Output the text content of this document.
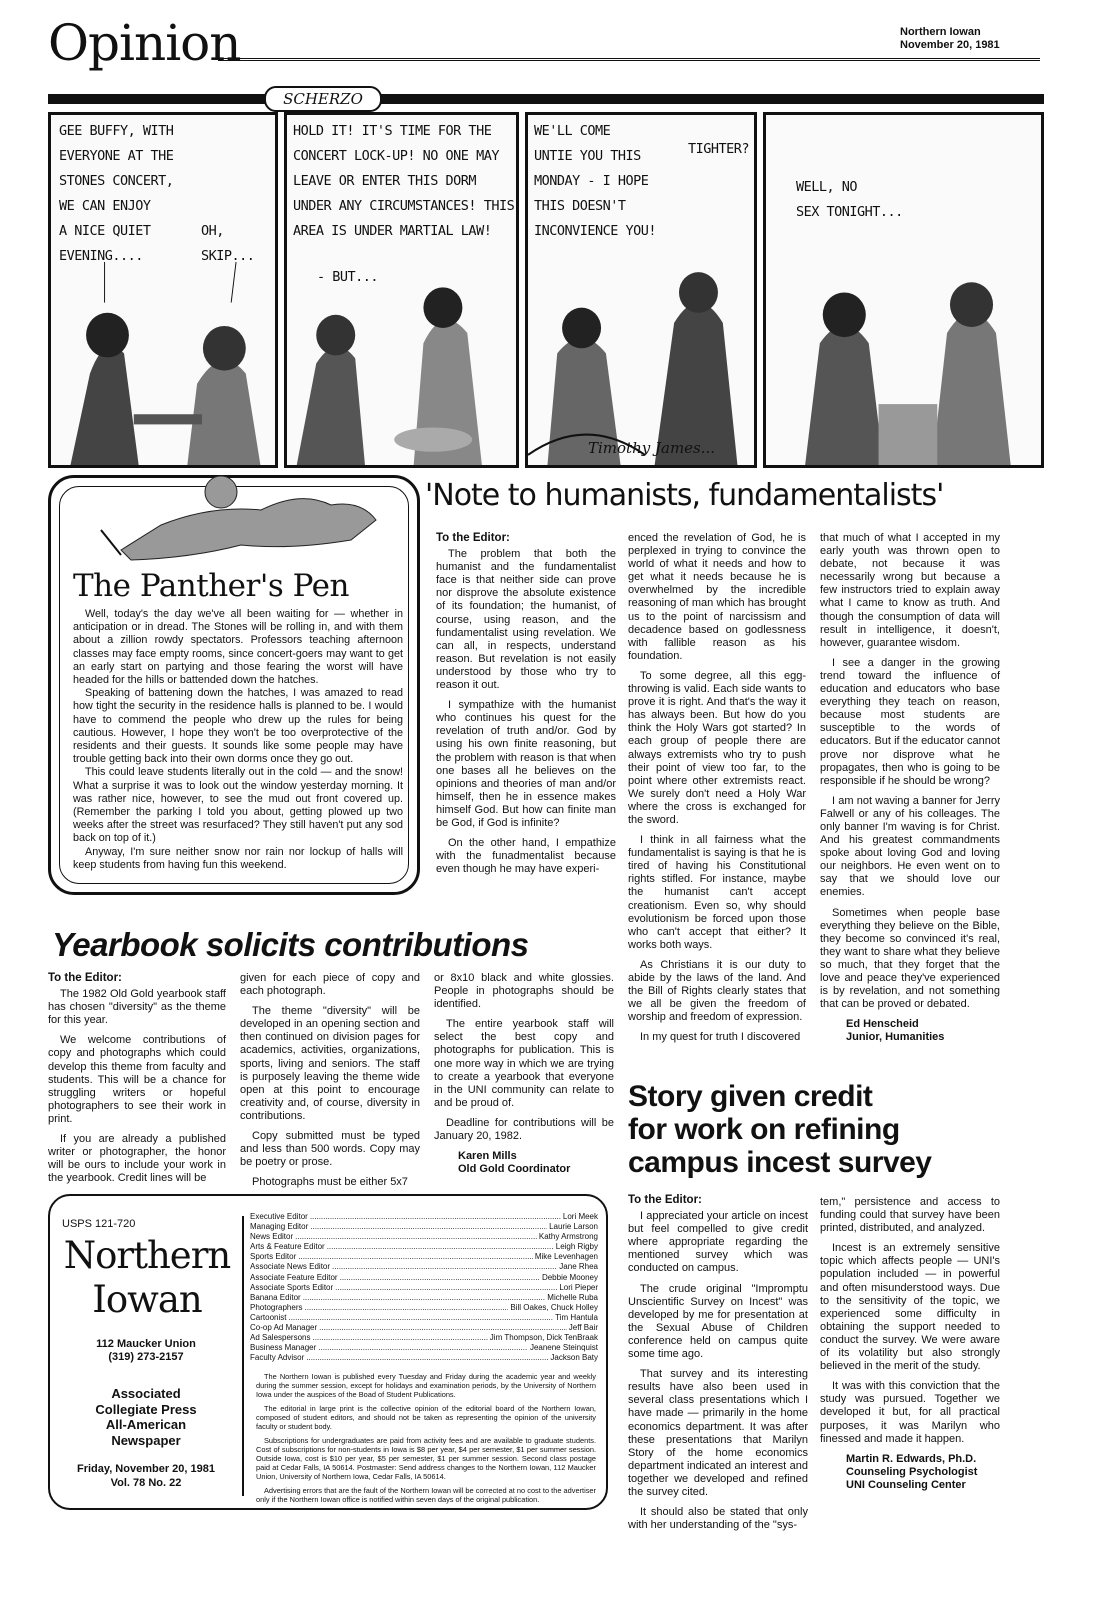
Opinion	Northern Iowan
November 20, 1981
SCHERZO
GEE BUFFY, WITH
EVERYONE AT THE
STONES CONCERT,
WE CAN ENJOY
A NICE QUIET
EVENING....
OH,
SKIP...
HOLD IT! IT'S TIME FOR THE
CONCERT LOCK-UP! NO ONE MAY
LEAVE OR ENTER THIS DORM
UNDER ANY CIRCUMSTANCES! THIS
AREA IS UNDER MARTIAL LAW!
- BUT...
WE'LL COME
UNTIE YOU THIS
MONDAY - I HOPE
THIS DOESN'T
INCONVIENCE YOU!
TIGHTER?
Timothy James...
WELL, NO
SEX TONIGHT...
The Panther's Pen

Well, today's the day we've all been waiting for — whether in anticipation or in dread. The Stones will be rolling in, and with them about a zillion rowdy spectators. Professors teaching afternoon classes may face empty rooms, since concert-goers may want to get an early start on partying and those fearing the worst will have headed for the hills or battended down the hatches.

Speaking of battening down the hatches, I was amazed to read how tight the security in the residence halls is planned to be. I would have to commend the people who drew up the rules for being cautious. However, I hope they won't be too overprotective of the residents and their guests. It sounds like some people may have trouble getting back into their own dorms once they go out.

This could leave students literally out in the cold — and the snow! What a surprise it was to look out the window yesterday morning. It was rather nice, however, to see the mud out front covered up. (Remember the parking I told you about, getting plowed up two weeks after the street was resurfaced? They still haven't put any sod back on top of it.)

Anyway, I'm sure neither snow nor rain nor lockup of halls will keep students from having fun this weekend.

'Note to humanists, fundamentalists'
To the Editor:

The problem that both the humanist and the fundamentalist face is that neither side can prove nor disprove the absolute existence of its foundation; the humanist, of course, using reason, and the fundamentalist using revelation. We can all, in respects, understand reason. But revelation is not easily understood by those who try to reason it out.

I sympathize with the humanist who continues his quest for the revelation of truth and/or. God by using his own finite reasoning, but the problem with reason is that when one bases all he believes on the opinions and theories of man and/or himself, then he in essence makes himself God. But how can finite man be God, if God is infinite?

On the other hand, I empathize with the funadmentalist because even though he may have experi-

enced the revelation of God, he is perplexed in trying to convince the world of what it needs and how to get what it needs because he is overwhelmed by the incredible reasoning of man which has brought us to the point of narcissism and decadence based on godlessness with fallible reason as his foundation.

To some degree, all this egg-throwing is valid. Each side wants to prove it is right. And that's the way it has always been. But how do you think the Holy Wars got started? In each group of people there are always extremists who try to push their point of view too far, to the point where other extremists react. We surely don't need a Holy War where the cross is exchanged for the sword.

I think in all fairness what the fundamentalist is saying is that he is tired of having his Constitutional rights stifled. For instance, maybe the humanist can't accept creationism. Even so, why should evolutionism be forced upon those who can't accept that either? It works both ways.

As Christians it is our duty to abide by the laws of the land. And the Bill of Rights clearly states that we all be given the freedom of worship and freedom of expression.

In my quest for truth I discovered

that much of what I accepted in my early youth was thrown open to debate, not because it was necessarily wrong but because a few instructors tried to explain away what I came to know as truth. And though the consumption of data will result in intelligence, it doesn't, however, guarantee wisdom.

I see a danger in the growing trend toward the influence of education and educators who base everything they teach on reason, because most students are susceptible to the words of educators. But if the educator cannot prove nor disprove what he propagates, then who is going to be responsible if he should be wrong?

I am not waving a banner for Jerry Falwell or any of his colleages. The only banner I'm waving is for Christ. And his greatest commandments spoke about loving God and loving our neighbors. He even went on to say that we should love our enemies.

Sometimes when people base everything they believe on the Bible, they become so convinced it's real, they want to share what they believe so much, that they forget that the love and peace they've experienced is by revelation, and not something that can be proved or debated.

Ed Henscheid
Junior, Humanities
Yearbook solicits contributions
To the Editor:

The 1982 Old Gold yearbook staff has chosen "diversity" as the theme for this year.

We welcome contributions of copy and photographs which could develop this theme from faculty and students. This will be a chance for struggling writers or hopeful photographers to see their work in print.

If you are already a published writer or photographer, the honor will be ours to include your work in the yearbook. Credit lines will be

given for each piece of copy and each photograph.

The theme "diversity" will be developed in an opening section and then continued on division pages for academics, activities, organizations, sports, living and seniors. The staff is purposely leaving the theme wide open at this point to encourage creativity and, of course, diversity in contributions.

Copy submitted must be typed and less than 500 words. Copy may be poetry or prose.

Photographs must be either 5x7

or 8x10 black and white glossies. People in photographs should be identified.

The entire yearbook staff will select the best copy and photographs for publication. This is one more way in which we are trying to create a yearbook that everyone in the UNI community can relate to and be proud of.

Deadline for contributions will be January 20, 1982.

Karen Mills
Old Gold Coordinator
Story given credit
for work on refining
campus incest survey
To the Editor:

I appreciated your article on incest but feel compelled to give credit where appropriate regarding the mentioned survey which was conducted on campus.

The crude original "Impromptu Unscientific Survey on Incest" was developed by me for presentation at the Sexual Abuse of Children conference held on campus quite some time ago.

That survey and its interesting results have also been used in several class presentations which I have made — primarily in the home economics department. It was after these presentations that Marilyn Story of the home economics department indicated an interest and together we developed and refined the survey cited.

It should also be stated that only with her understanding of the "sys-

tem," persistence and access to funding could that survey have been printed, distributed, and analyzed.

Incest is an extremely sensitive topic which affects people — UNI's population included — in powerful and often misunderstood ways. Due to the sensitivity of the topic, we experienced some difficulty in obtaining the support needed to conduct the survey. We were aware of its volatility but also strongly believed in the merit of the study.

It was with this conviction that the study was pursued. Together we developed it but, for all practical purposes, it was Marilyn who finessed and made it happen.

Martin R. Edwards, Ph.D.
Counseling Psychologist
UNI Counseling Center
USPS 121-720
Northern
Iowan
112 Maucker Union
(319) 273-2157
Associated
Collegiate Press
All-American
Newspaper
Friday, November 20, 1981
Vol. 78 No. 22
Executive Editor .....	Lori Meek
Managing Editor .....	Laurie Larson
News Editor .....	Kathy Armstrong
Arts & Feature Editor .....	Leigh Rigby
Sports Editor .....	Mike Levenhagen
Associate News Editor .....	Jane Rhea
Associate Feature Editor .....	Debbie Mooney
Associate Sports Editor .....	Lori Pieper
Banana Editor .....	Michelle Ruba
Photographers .....	Bill Oakes, Chuck Holley
Cartoonist .....	Tim Hantula
Co-op Ad Manager .....	Jeff Bair
Ad Salespersons .....	Jim Thompson, Dick TenBraak
Business Manager .....	Jeanene Steinquist
Faculty Advisor .....	Jackson Baty

The Northern Iowan is published every Tuesday and Friday during the academic year and weekly during the summer session, except for holidays and examination periods, by the University of Northern Iowa under the auspices of the Boad of Student Publications.

The editorial in large print is the collective opinion of the editorial board of the Northern Iowan, composed of student editors, and should not be taken as representing the opinion of the university faculty or student body.

Subscriptions for undergraduates are paid from activity fees and are available to graduate students. Cost of subscriptions for non-students in Iowa is $8 per year, $4 per semester, $1 per summer session. Outside Iowa, cost is $10 per year, $5 per semester, $1 per summer session. Second class postage paid at Cedar Falls, IA 50614. Postmaster: Send address changes to the Northern Iowan, 112 Maucker Union, University of Northern Iowa, Cedar Falls, IA 50614.

Advertising errors that are the fault of the Northern Iowan will be corrected at no cost to the advertiser only if the Northern Iowan office is notified within seven days of the original publication.
